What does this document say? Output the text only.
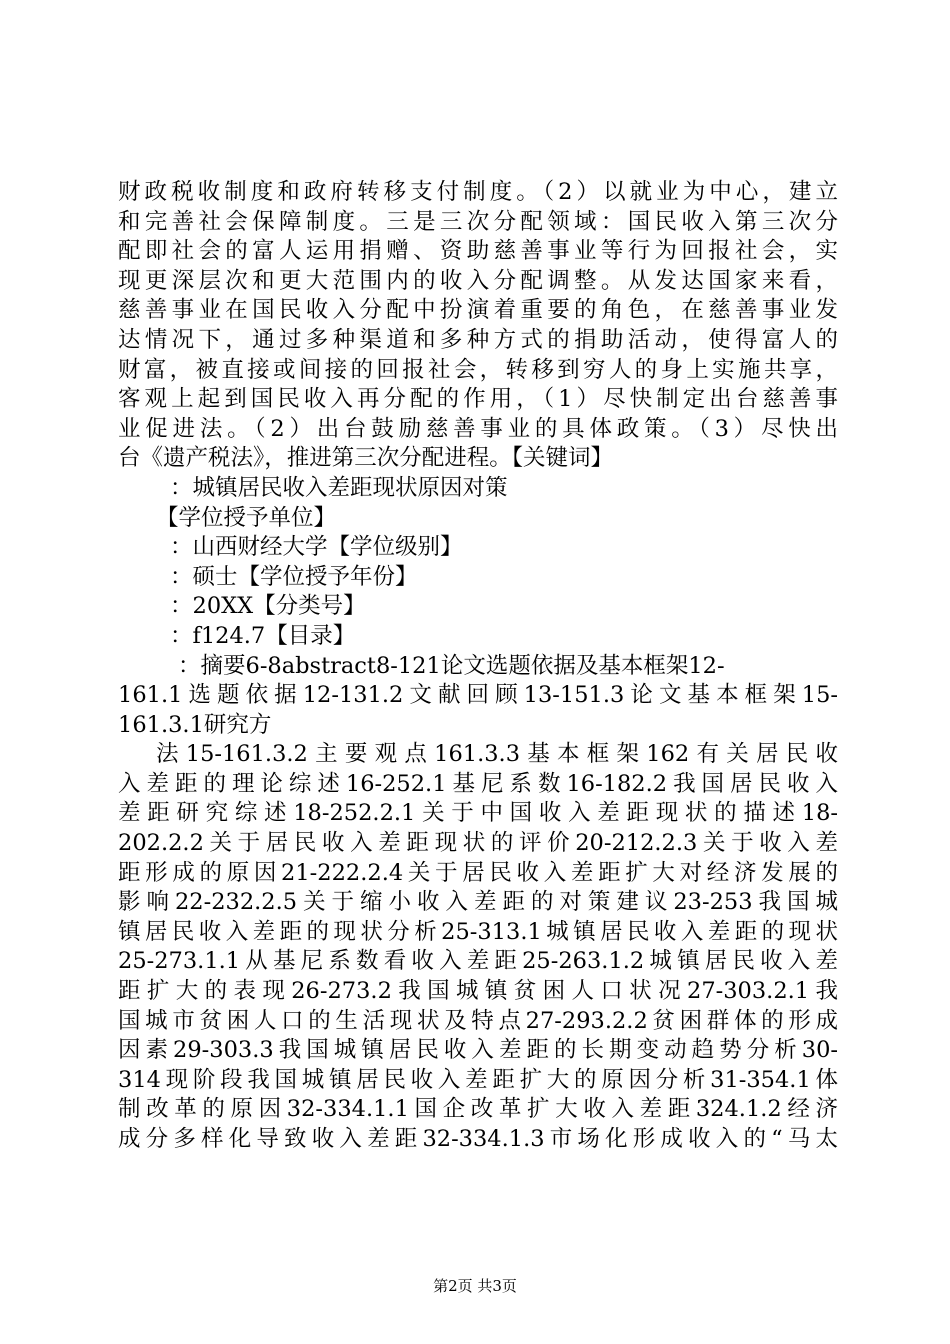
财政税收制度和政府转移支付制度。（2）以就业为中心，建立
和完善社会保障制度。三是三次分配领域：国民收入第三次分
配即社会的富人运用捐赠、资助慈善事业等行为回报社会，实
现更深层次和更大范围内的收入分配调整。从发达国家来看，
慈善事业在国民收入分配中扮演着重要的角色，在慈善事业发
达情况下，通过多种渠道和多种方式的捐助活动，使得富人的
财富，被直接或间接的回报社会，转移到穷人的身上实施共享，
客观上起到国民收入再分配的作用，（1）尽快制定出台慈善事
业促进法。（2）出台鼓励慈善事业的具体政策。（3）尽快出
台《遗产税法》，推进第三次分配进程。【关键词】
：城镇居民收入差距现状原因对策
【学位授予单位】
：山西财经大学【学位级别】
：硕士【学位授予年份】
：20XX【分类号】
：f124.7【目录】
：摘要6-8abstract8-121论文选题依据及基本框架12-
161.1选题依据12-131.2文献回顾13-151.3论文基本框架15-
161.3.1研究方
法15-161.3.2主要观点161.3.3基本框架162有关居民收
入差距的理论综述16-252.1基尼系数16-182.2我国居民收入
差距研究综述18-252.2.1关于中国收入差距现状的描述18-
202.2.2关于居民收入差距现状的评价20-212.2.3关于收入差
距形成的原因21-222.2.4关于居民收入差距扩大对经济发展的
影响22-232.2.5关于缩小收入差距的对策建议23-253我国城
镇居民收入差距的现状分析25-313.1城镇居民收入差距的现状
25-273.1.1从基尼系数看收入差距25-263.1.2城镇居民收入差
距扩大的表现26-273.2我国城镇贫困人口状况27-303.2.1我
国城市贫困人口的生活现状及特点27-293.2.2贫困群体的形成
因素29-303.3我国城镇居民收入差距的长期变动趋势分析30-
314现阶段我国城镇居民收入差距扩大的原因分析31-354.1体
制改革的原因32-334.1.1国企改革扩大收入差距324.1.2经济
成分多样化导致收入差距32-334.1.3市场化形成收入的“马太
第2页 共3页
